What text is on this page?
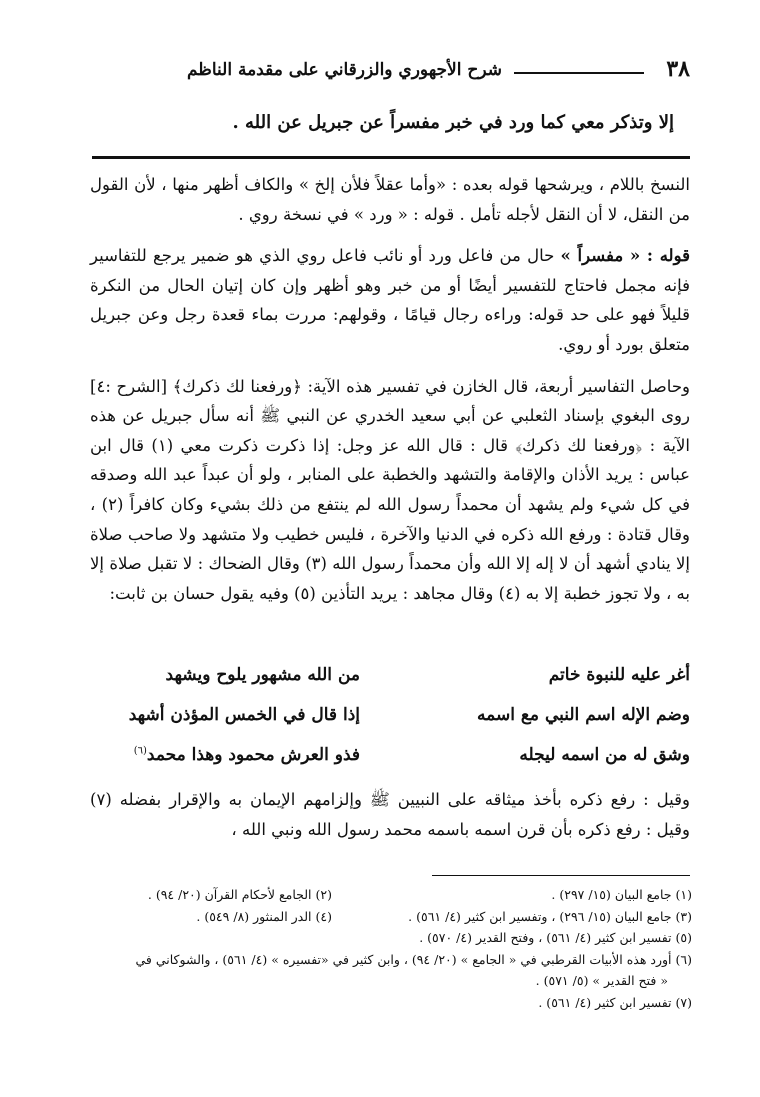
٣٨
شرح الأجهوري والزرقاني على مقدمة الناظم
إلا وتذكر معي كما ورد في خبر مفسراً عن جبريل عن الله .

النسخ باللام ، ويرشحها قوله بعده : «وأما عقلاً فلأن إلخ » والكاف أظهر منها ، لأن القول من النقل، لا أن النقل لأجله تأمل . قوله : « ورد » في نسخة روي .

قوله : « مفسراً » حال من فاعل ورد أو نائب فاعل روي الذي هو ضمير يرجع للتفاسير فإنه مجمل فاحتاج للتفسير أيضًا أو من خبر وهو أظهر وإن كان إتيان الحال من النكرة قليلاً فهو على حد قوله: وراءه رجال قيامًا ، وقولهم: مررت بماء قعدة رجل وعن جبريل متعلق بورد أو روي.

وحاصل التفاسير أربعة، قال الخازن في تفسير هذه الآية: ﴿ورفعنا لك ذكرك﴾ [الشرح :٤] روى البغوي بإسناد الثعلبي عن أبي سعيد الخدري عن النبي ﷺ أنه سأل جبريل عن هذه الآية : ﴿ورفعنا لك ذكرك﴾ قال : قال الله عز وجل: إذا ذكرت ذكرت معي (١) قال ابن عباس : يريد الأذان والإقامة والتشهد والخطبة على المنابر ، ولو أن عبداً عبد الله وصدقه في كل شيء ولم يشهد أن محمداً رسول الله لم ينتفع من ذلك بشيء وكان كافراً (٢) ، وقال قتادة : ورفع الله ذكره في الدنيا والآخرة ، فليس خطيب ولا متشهد ولا صاحب صلاة إلا ينادي أشهد أن لا إله إلا الله وأن محمداً رسول الله (٣) وقال الضحاك : لا تقبل صلاة إلا به ، ولا تجوز خطبة إلا به (٤) وقال مجاهد : يريد التأذين (٥) وفيه يقول حسان بن ثابت:

أغر عليه للنبوة خاتم
من الله مشهور يلوح ويشهد
وضم الإله اسم النبي مع اسمه
إذا قال في الخمس المؤذن أشهد
وشق له من اسمه ليجله
فذو العرش محمود وهذا محمد$^{(٦)}$

وقيل : رفع ذكره بأخذ ميثاقه على النبيين ﷺ وإلزامهم الإيمان به والإقرار بفضله (٧) وقيل : رفع ذكره بأن قرن اسمه باسمه محمد رسول الله ونبي الله ،

(١) جامع البيان (١٥/ ٢٩٧) .
(٢) الجامع لأحكام القرآن (٢٠/ ٩٤) .
(٣) جامع البيان (١٥/ ٢٩٦) ، وتفسير ابن كثير (٤/ ٥٦١) .
(٤) الدر المنثور (٨/ ٥٤٩) .
(٥) تفسير ابن كثير (٤/ ٥٦١) ، وفتح القدير (٤/ ٥٧٠) .
(٦) أورد هذه الأبيات القرطبي في « الجامع » (٢٠/ ٩٤) ، وابن كثير في «تفسيره » (٤/ ٥٦١) ، والشوكاني في
« فتح القدير » (٥/ ٥٧١) .
(٧) تفسير ابن كثير (٤/ ٥٦١) .
